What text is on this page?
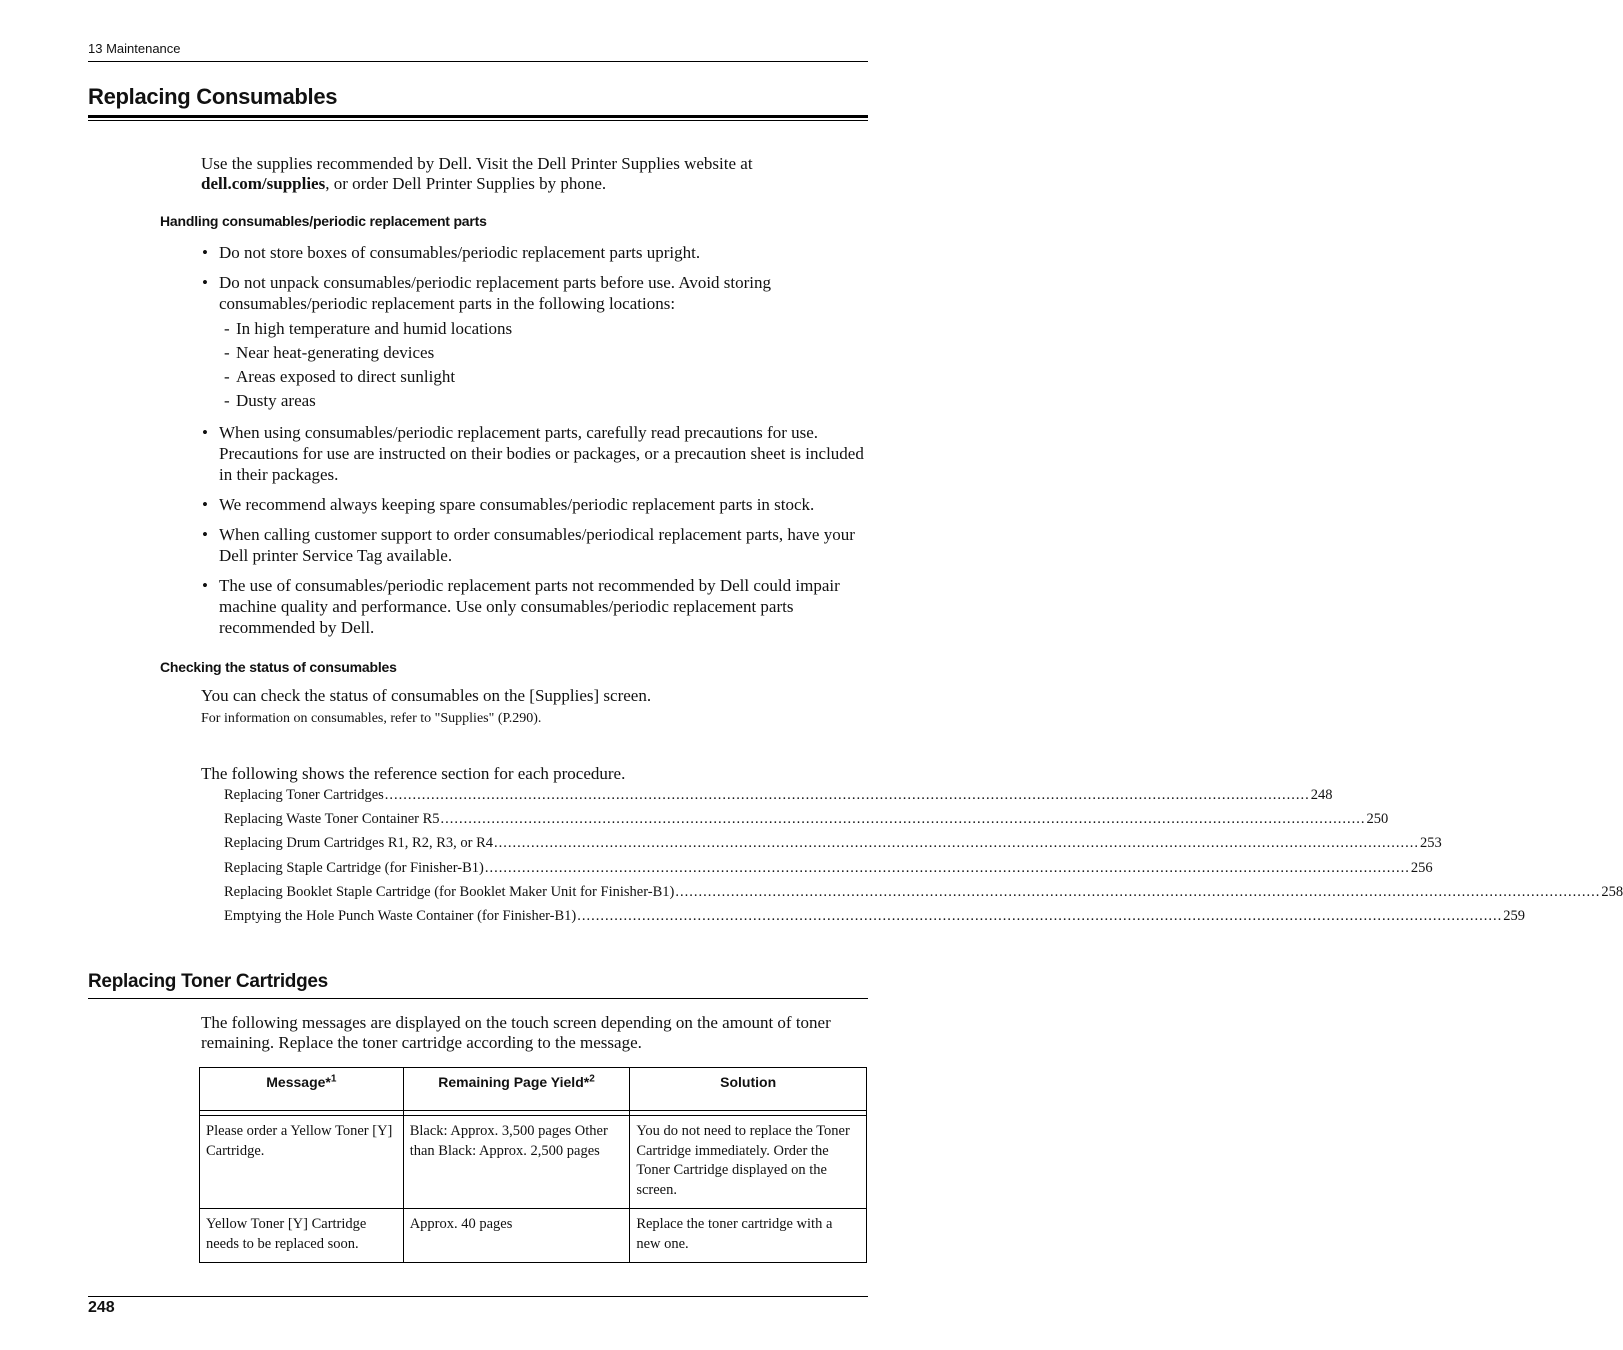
13 Maintenance
Replacing Consumables
Use the supplies recommended by Dell. Visit the Dell Printer Supplies website at
dell.com/supplies, or order Dell Printer Supplies by phone.
Handling consumables/periodic replacement parts
• Do not store boxes of consumables/periodic replacement parts upright.
• Do not unpack consumables/periodic replacement parts before use. Avoid storing consumables/periodic replacement parts in the following locations:
- In high temperature and humid locations
- Near heat-generating devices
- Areas exposed to direct sunlight
- Dusty areas
• When using consumables/periodic replacement parts, carefully read precautions for use. Precautions for use are instructed on their bodies or packages, or a precaution sheet is included in their packages.
• We recommend always keeping spare consumables/periodic replacement parts in stock.
• When calling customer support to order consumables/periodical replacement parts, have your Dell printer Service Tag available.
• The use of consumables/periodic replacement parts not recommended by Dell could impair machine quality and performance. Use only consumables/periodic replacement parts recommended by Dell.
Checking the status of consumables
You can check the status of consumables on the [Supplies] screen.
For information on consumables, refer to "Supplies" (P.290).
The following shows the reference section for each procedure.
Replacing Toner Cartridges ........................................................................................................................................................................................................ 248
Replacing Waste Toner Container R5 ........................................................................................................................................................................................................ 250
Replacing Drum Cartridges R1, R2, R3, or R4 ........................................................................................................................................................................................................ 253
Replacing Staple Cartridge (for Finisher-B1) ........................................................................................................................................................................................................ 256
Replacing Booklet Staple Cartridge (for Booklet Maker Unit for Finisher-B1) ........................................................................................................................................................................................................ 258
Emptying the Hole Punch Waste Container (for Finisher-B1) ........................................................................................................................................................................................................ 259
Replacing Toner Cartridges
The following messages are displayed on the touch screen depending on the amount of toner remaining. Replace the toner cartridge according to the message.
Message*$^1$	Remaining Page Yield*$^2$	Solution

Please order a Yellow Toner [Y] Cartridge.	Black: Approx. 3,500 pages Other than Black: Approx. 2,500 pages	You do not need to replace the Toner Cartridge immediately. Order the Toner Cartridge displayed on the screen.
Yellow Toner [Y] Cartridge needs to be replaced soon.	Approx. 40 pages	Replace the toner cartridge with a new one.
248
